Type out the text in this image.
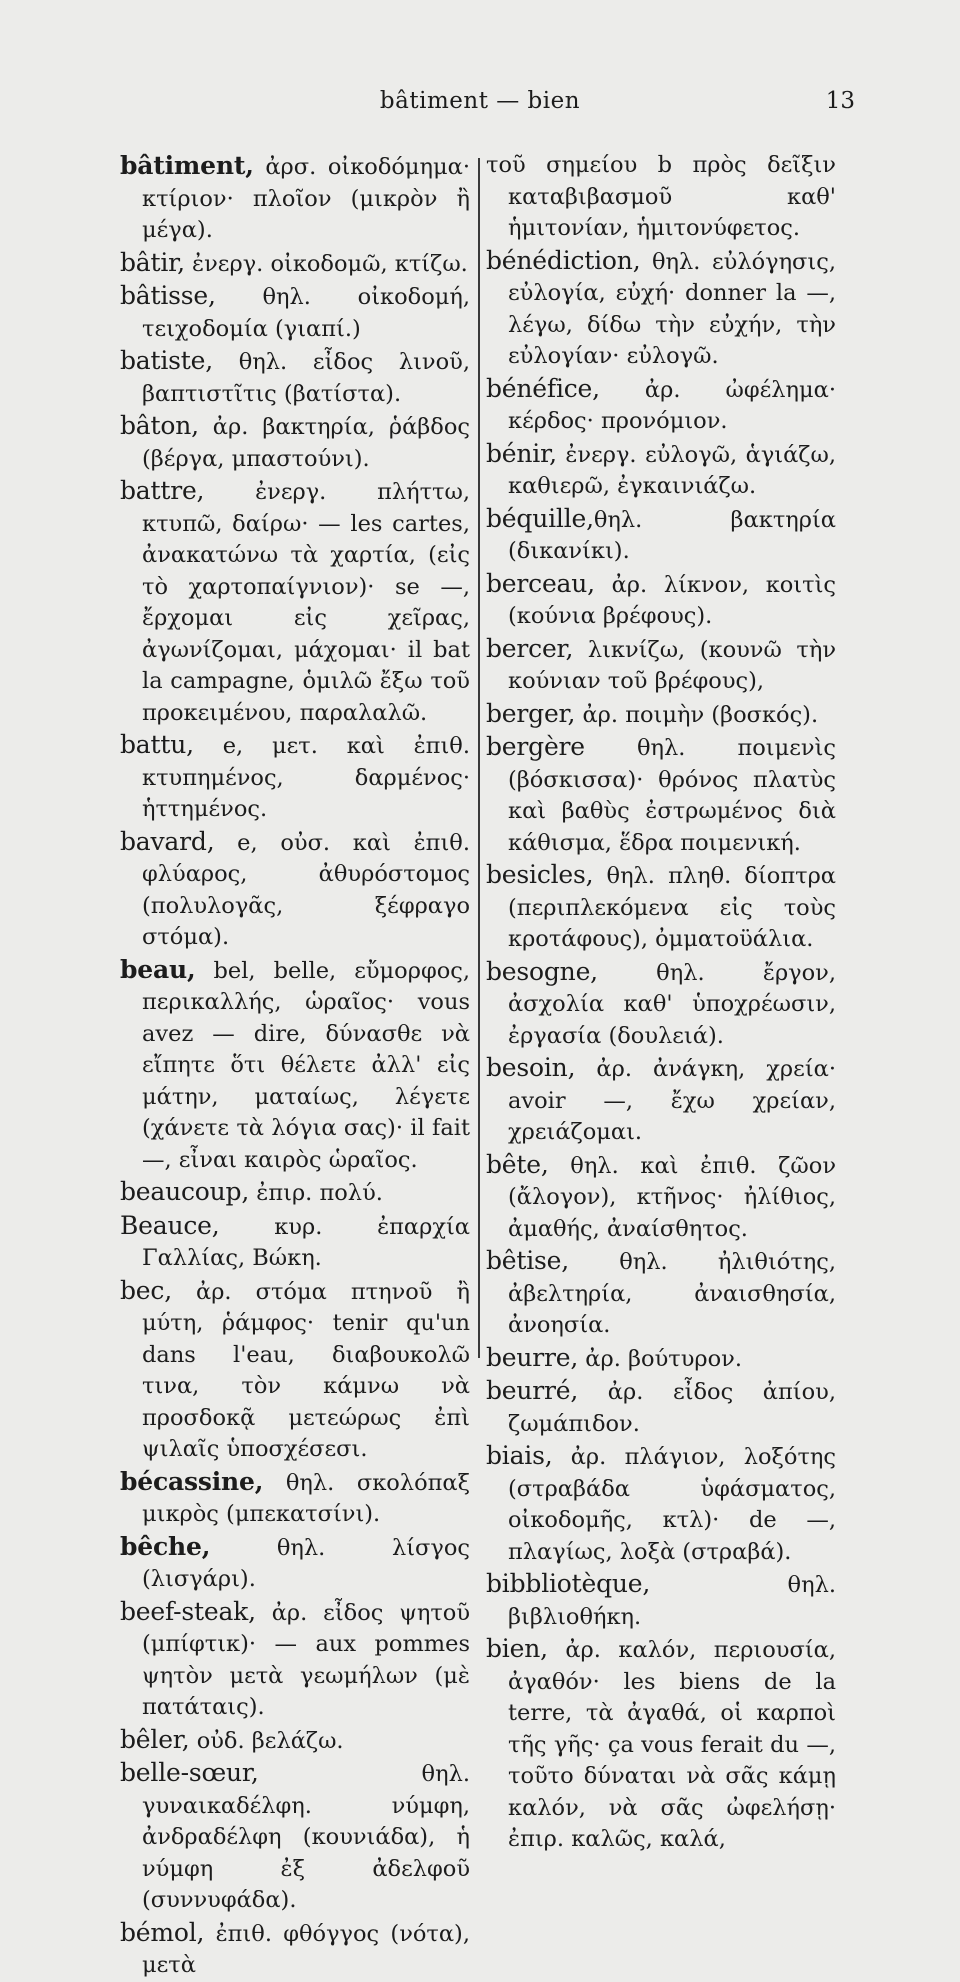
bâtiment — bien	13

bâtiment, ἀρσ. οἰκοδόμημα· κτίριον· πλοῖον (μικρὸν ἢ μέγα).

bâtir, ἐνεργ. οἰκοδομῶ, κτίζω.

bâtisse, θηλ. οἰκοδομή, τειχοδομία (γιαπί.)

batiste, θηλ. εἶδος λινοῦ, βαπτιστῖτις (βατίστα).

bâton, ἀρ. βακτηρία, ῥάβδος (βέργα, μπαστούνι).

battre, ἐνεργ. πλήττω, κτυπῶ, δαίρω· — les cartes, ἀνακατώνω τὰ χαρτία, (εἰς τὸ χαρτοπαίγνιον)· se —, ἔρχομαι εἰς χεῖρας, ἀγωνίζομαι, μάχομαι· il bat la campagne, ὁμιλῶ ἔξω τοῦ προκειμένου, παραλαλῶ.

battu, e, μετ. καὶ ἐπιθ. κτυπημένος, δαρμένος· ἡττημένος.

bavard, e, οὐσ. καὶ ἐπιθ. φλύαρος, ἀθυρόστομος (πολυλογᾶς, ξέφραγο στόμα).

beau, bel, belle, εὔμορφος, περικαλλής, ὡραῖος· vous avez — dire, δύνασθε νὰ εἴπητε ὅτι θέλετε ἀλλ' εἰς μάτην, ματαίως, λέγετε (χάνετε τὰ λόγια σας)· il fait —, εἶναι καιρὸς ὡραῖος.

beaucoup, ἐπιρ. πολύ.

Beauce, κυρ. ἐπαρχία Γαλλίας, Βώκη.

bec, ἀρ. στόμα πτηνοῦ ἢ μύτη, ῥάμφος· tenir qu'un dans l'eau, διαβουκολῶ τινα, τὸν κάμνω νὰ προσδοκᾷ μετεώρως ἐπὶ ψιλαῖς ὑποσχέσεσι.

bécassine, θηλ. σκολόπαξ μικρὸς (μπεκατσίνι).

bêche, θηλ. λίσγος (λισγάρι).

beef-steak, ἀρ. εἶδος ψητοῦ (μπίφτικ)· — aux pommes ψητὸν μετὰ γεωμήλων (μὲ πατάταις).

bêler, οὐδ. βελάζω.

belle-sœur, θηλ. γυναικαδέλφη. νύμφη, ἀνδραδέλφη (κουνιάδα), ἡ νύμφη ἐξ ἀδελφοῦ (συννυφάδα).

bémol, ἐπιθ. φθόγγος (νότα), μετὰ

τοῦ σημείου b πρὸς δεῖξιν καταβιβασμοῦ καθ' ἡμιτονίαν, ἡμιτονύφετος.

bénédiction, θηλ. εὐλόγησις, εὐλογία, εὐχή· donner la —, λέγω, δίδω τὴν εὐχήν, τὴν εὐλογίαν· εὐλογῶ.

bénéfice, ἀρ. ὠφέλημα· κέρδος· προνόμιον.

bénir, ἐνεργ. εὐλογῶ, ἁγιάζω, καθιερῶ, ἐγκαινιάζω.

béquille,θηλ. βακτηρία (δικανίκι).

berceau, ἀρ. λίκνον, κοιτὶς (κούνια βρέφους).

bercer, λικνίζω, (κουνῶ τὴν κούνιαν τοῦ βρέφους),

berger, ἀρ. ποιμὴν (βοσκός).

bergère θηλ. ποιμενὶς (βόσκισσα)· θρόνος πλατὺς καὶ βαθὺς ἐστρωμένος διὰ κάθισμα, ἕδρα ποιμενική.

besicles, θηλ. πληθ. δίοπτρα (περιπλεκόμενα εἰς τοὺς κροτάφους), ὀμματοϋάλια.

besogne, θηλ. ἔργον, ἀσχολία καθ' ὑποχρέωσιν, ἐργασία (δουλειά).

besoin, ἀρ. ἀνάγκη, χρεία· avoir —, ἔχω χρείαν, χρειάζομαι.

bête, θηλ. καὶ ἐπιθ. ζῶον (ἄλογον), κτῆνος· ἠλίθιος, ἀμαθής, ἀναίσθητος.

bêtise, θηλ. ἠλιθιότης, ἀβελτηρία, ἀναισθησία, ἀνοησία.

beurre, ἀρ. βούτυρον.

beurré, ἀρ. εἶδος ἀπίου, ζωμάπιδον.

biais, ἀρ. πλάγιον, λοξότης (στραβάδα ὑφάσματος, οἰκοδομῆς, κτλ)· de —, πλαγίως, λοξὰ (στραβά).

bibbliotèque, θηλ. βιβλιοθήκη.

bien, ἀρ. καλόν, περιουσία, ἀγαθόν· les biens de la terre, τὰ ἀγαθά, οἱ καρποὶ τῆς γῆς· ça vous ferait du —, τοῦτο δύναται νὰ σᾶς κάμῃ καλόν, νὰ σᾶς ὠφελήσῃ· ἐπιρ. καλῶς, καλά,
